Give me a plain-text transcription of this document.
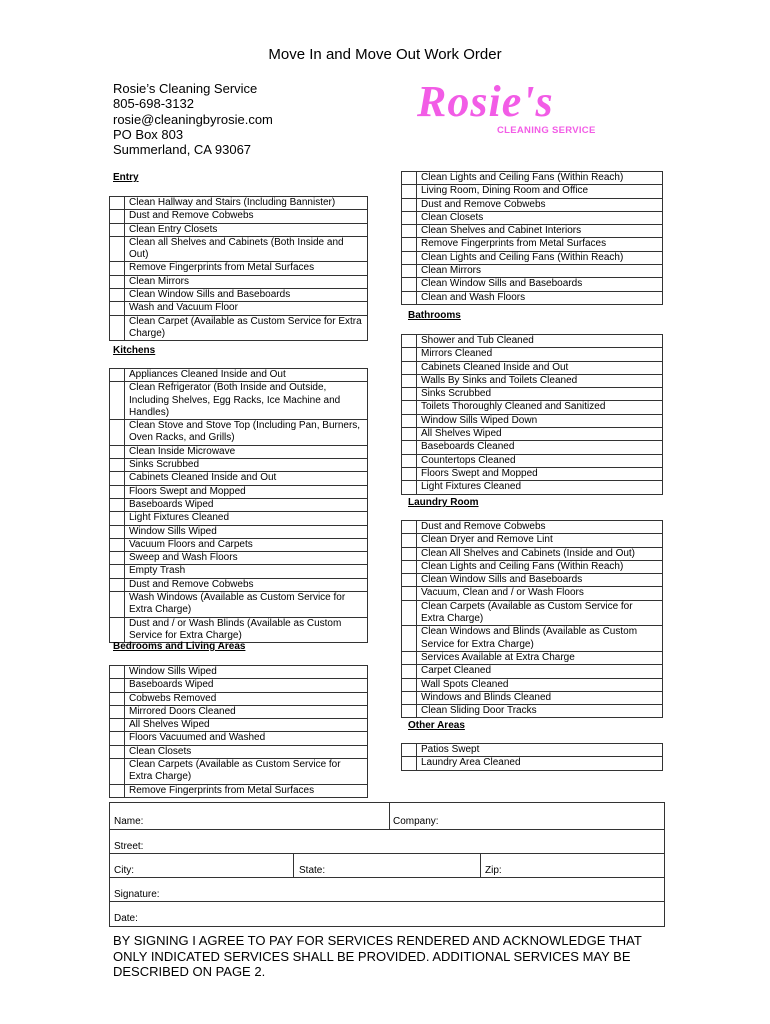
Move In and Move Out Work Order
Rosie’s Cleaning Service
805-698-3132
rosie@cleaningbyrosie.com
PO Box 803
Summerland, CA 93067
Rosie's
CLEANING SERVICE
Entry
	Clean Hallway and Stairs (Including Bannister)
	Dust and Remove Cobwebs
	Clean Entry Closets
	Clean all Shelves and Cabinets (Both Inside and Out)
	Remove Fingerprints from Metal Surfaces
	Clean Mirrors
	Clean Window Sills and Baseboards
	Wash and Vacuum Floor
	Clean Carpet (Available as Custom Service for Extra Charge)
Kitchens
	Appliances Cleaned Inside and Out
	Clean Refrigerator (Both Inside and Outside, Including Shelves, Egg Racks, Ice Machine and Handles)
	Clean Stove and Stove Top (Including Pan, Burners, Oven Racks, and Grills)
	Clean Inside Microwave
	Sinks Scrubbed
	Cabinets Cleaned Inside and Out
	Floors Swept and Mopped
	Baseboards Wiped
	Light Fixtures Cleaned
	Window Sills Wiped
	Vacuum Floors and Carpets
	Sweep and Wash Floors
	Empty Trash
	Dust and Remove Cobwebs
	Wash Windows (Available as Custom Service for Extra Charge)
	Dust and / or Wash Blinds (Available as Custom Service for Extra Charge)
Bedrooms and Living Areas
	Window Sills Wiped
	Baseboards Wiped
	Cobwebs Removed
	Mirrored Doors Cleaned
	All Shelves Wiped
	Floors Vacuumed and Washed
	Clean Closets
	Clean Carpets (Available as Custom Service for Extra Charge)
	Remove Fingerprints from Metal Surfaces
	Clean Lights and Ceiling Fans (Within Reach)
	Living Room, Dining Room and Office
	Dust and Remove Cobwebs
	Clean Closets
	Clean Shelves and Cabinet Interiors
	Remove Fingerprints from Metal Surfaces
	Clean Lights and Ceiling Fans (Within Reach)
	Clean Mirrors
	Clean Window Sills and Baseboards
	Clean and Wash Floors
Bathrooms
	Shower and Tub Cleaned
	Mirrors Cleaned
	Cabinets Cleaned Inside and Out
	Walls By Sinks and Toilets Cleaned
	Sinks Scrubbed
	Toilets Thoroughly Cleaned and Sanitized
	Window Sills Wiped Down
	All Shelves Wiped
	Baseboards Cleaned
	Countertops Cleaned
	Floors Swept and Mopped
	Light Fixtures Cleaned
Laundry Room
	Dust and Remove Cobwebs
	Clean Dryer and Remove Lint
	Clean All Shelves and Cabinets (Inside and Out)
	Clean Lights and Ceiling Fans (Within Reach)
	Clean Window Sills and Baseboards
	Vacuum, Clean and / or Wash Floors
	Clean Carpets (Available as Custom Service for Extra Charge)
	Clean Windows and Blinds (Available as Custom Service for Extra Charge)
	Services Available at Extra Charge
	Carpet Cleaned
	Wall Spots Cleaned
	Windows and Blinds Cleaned
	Clean Sliding Door Tracks
Other Areas
	Patios Swept
	Laundry Area Cleaned
Name:	Company:
Street:
City:	State:	Zip:
Signature:
Date:
BY SIGNING I AGREE TO PAY FOR SERVICES RENDERED AND ACKNOWLEDGE THAT ONLY INDICATED SERVICES SHALL BE PROVIDED. ADDITIONAL SERVICES MAY BE DESCRIBED ON PAGE 2.
